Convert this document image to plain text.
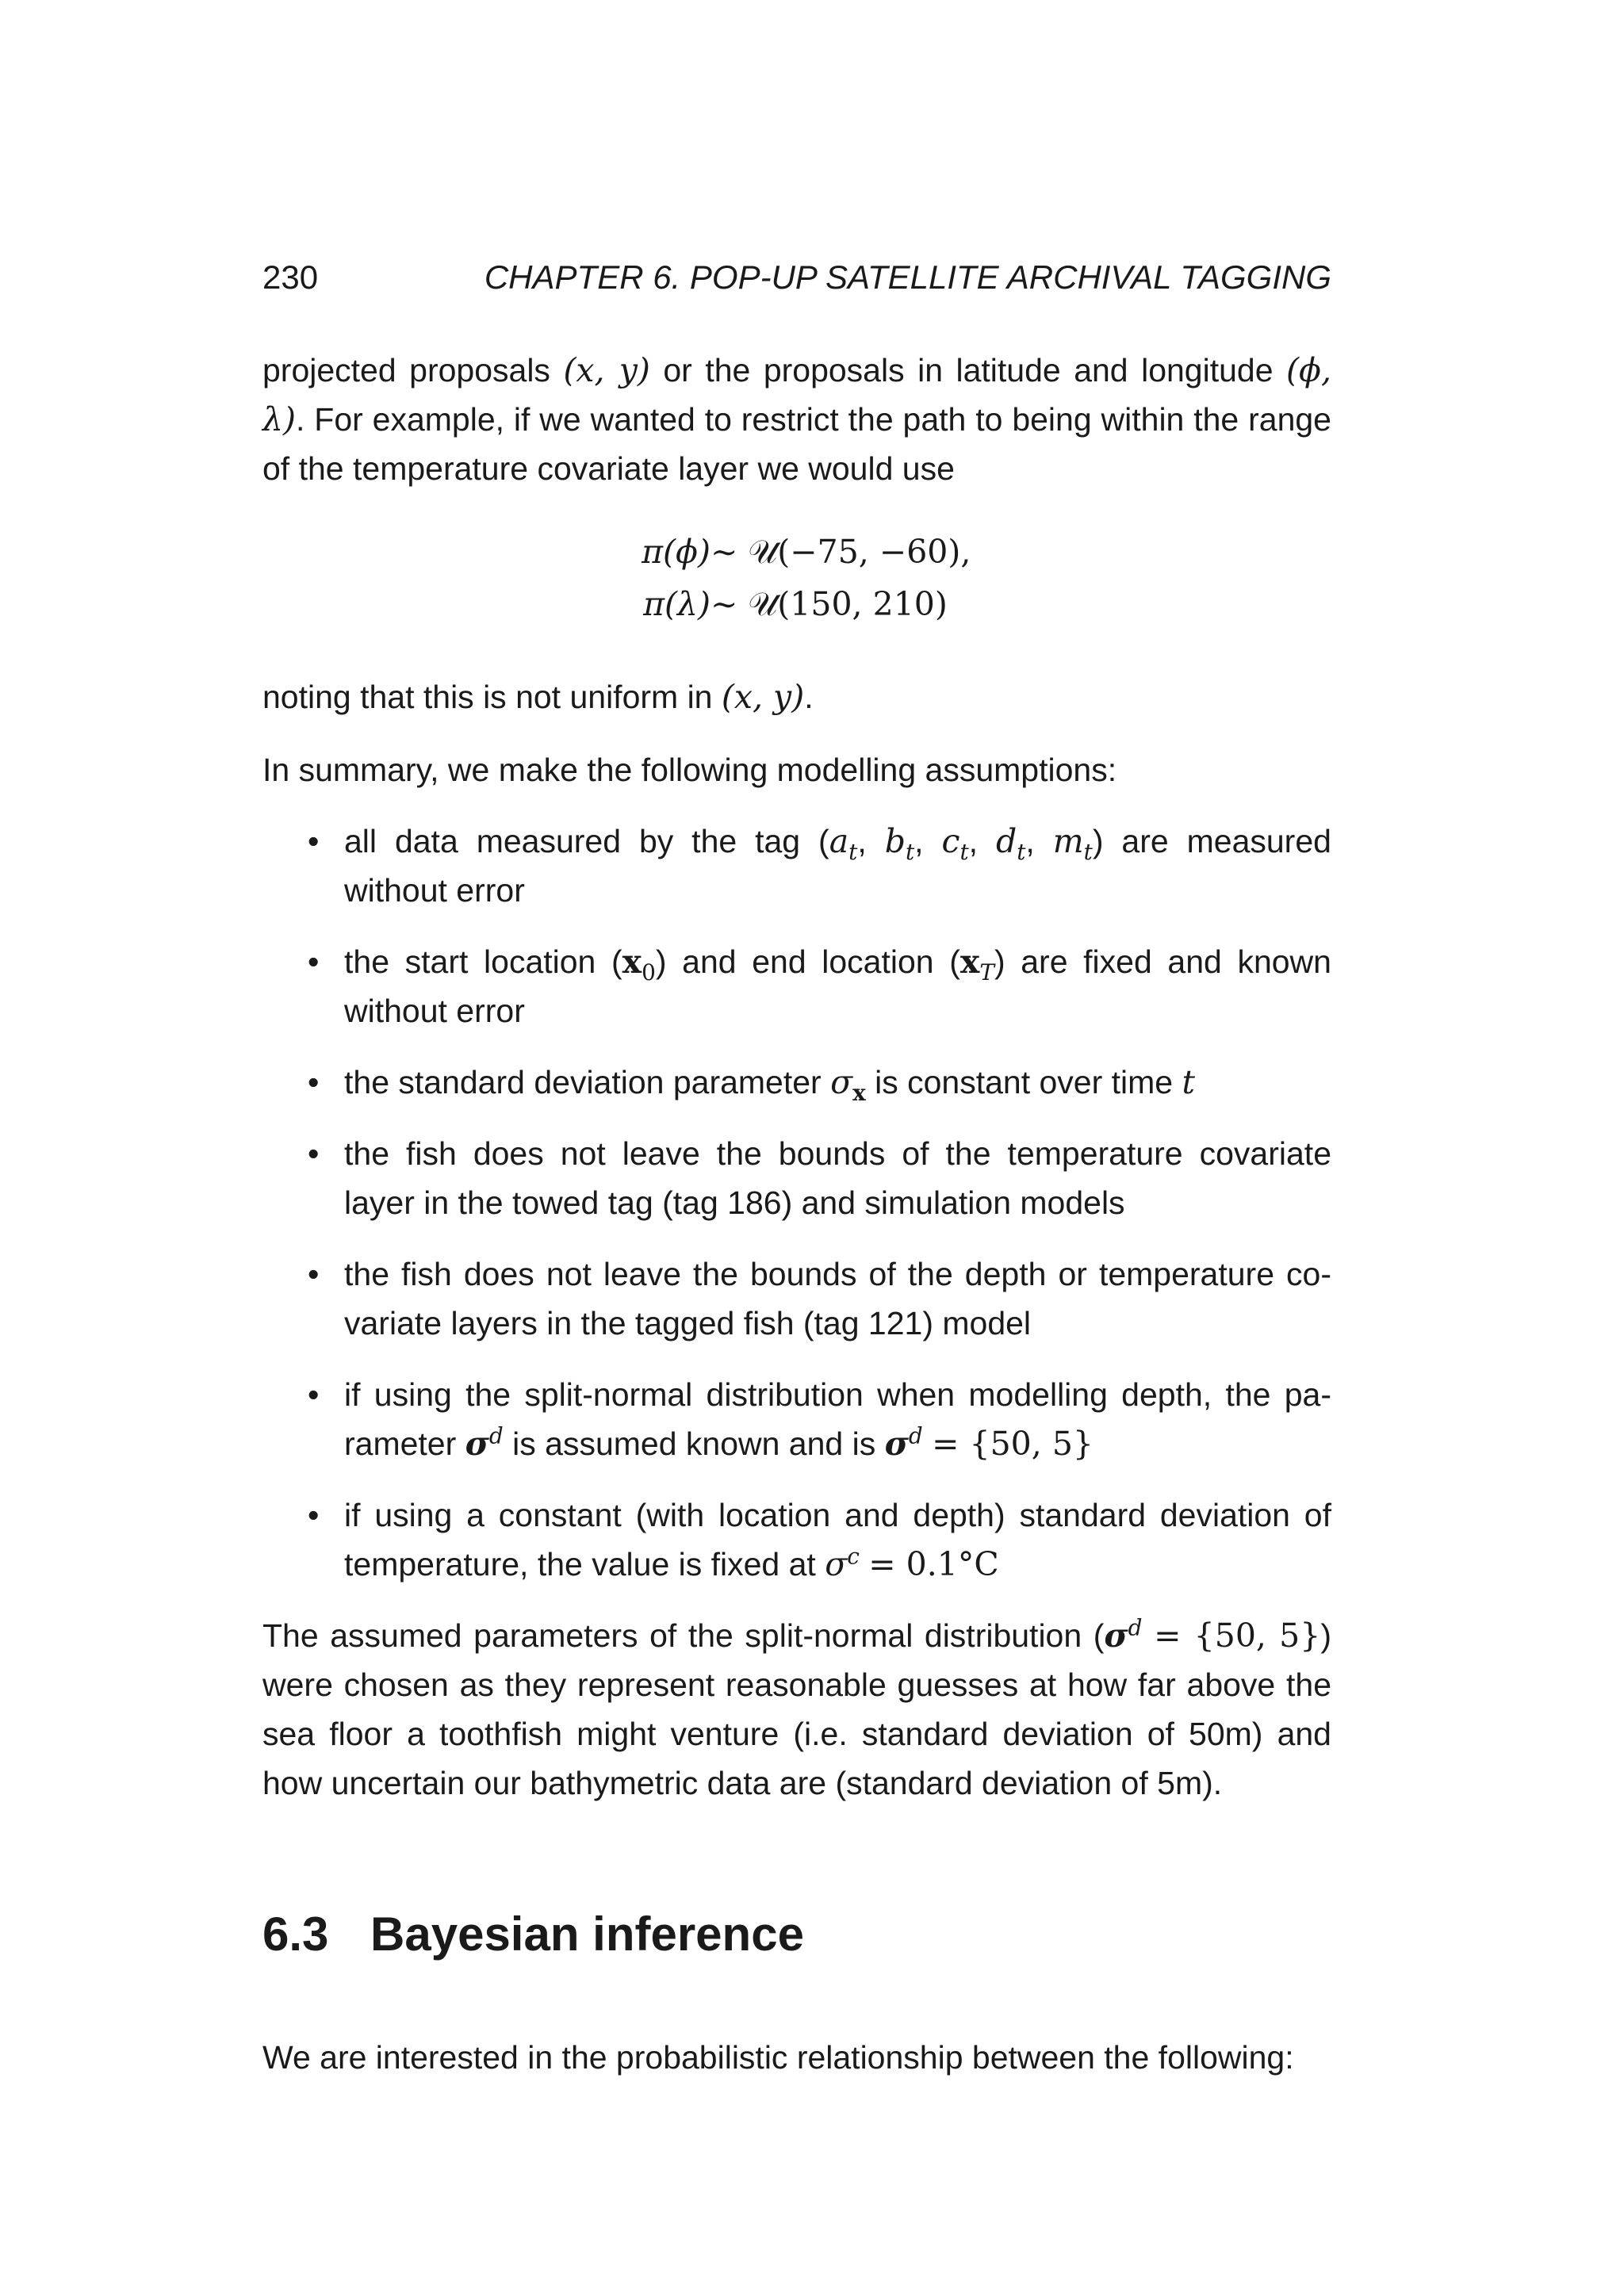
230	CHAPTER 6. POP-UP SATELLITE ARCHIVAL TAGGING

projected proposals (x, y) or the proposals in latitude and longitude (ϕ, λ). For example, if we wanted to restrict the path to being within the range of the temperature covariate layer we would use

π(ϕ) ∼ 𝒰(−75, −60),
π(λ) ∼ 𝒰(150, 210)

noting that this is not uniform in (x, y).

In summary, we make the following modelling assumptions:

• all data measured by the tag ($a_t$, $b_t$, $c_t$, $d_t$, $m_t$) are measured without error
• the start location $(x_0)$ and end location $(x_T)$ are fixed and known without error
• the standard deviation parameter $\sigma_x$ is constant over time t
• the fish does not leave the bounds of the temperature covariate layer in the towed tag (tag 186) and simulation models
• the fish does not leave the bounds of the depth or temperature co-variate layers in the tagged fish (tag 121) model
• if using the split-normal distribution when modelling depth, the pa-rameter $\sigma^d$ is assumed known and is $\sigma^d = \{50$, 5}
• if using a constant (with location and depth) standard deviation of temperature, the value is fixed at $\sigma^c = 0.1^\circ C$

The assumed parameters of the split-normal distribution ($\sigma^d = \{50$, 5}) were chosen as they represent reasonable guesses at how far above the sea floor a toothfish might venture (i.e. standard deviation of 50m) and how uncertain our bathymetric data are (standard deviation of 5m).

6.3 Bayesian inference

We are interested in the probabilistic relationship between the following:
